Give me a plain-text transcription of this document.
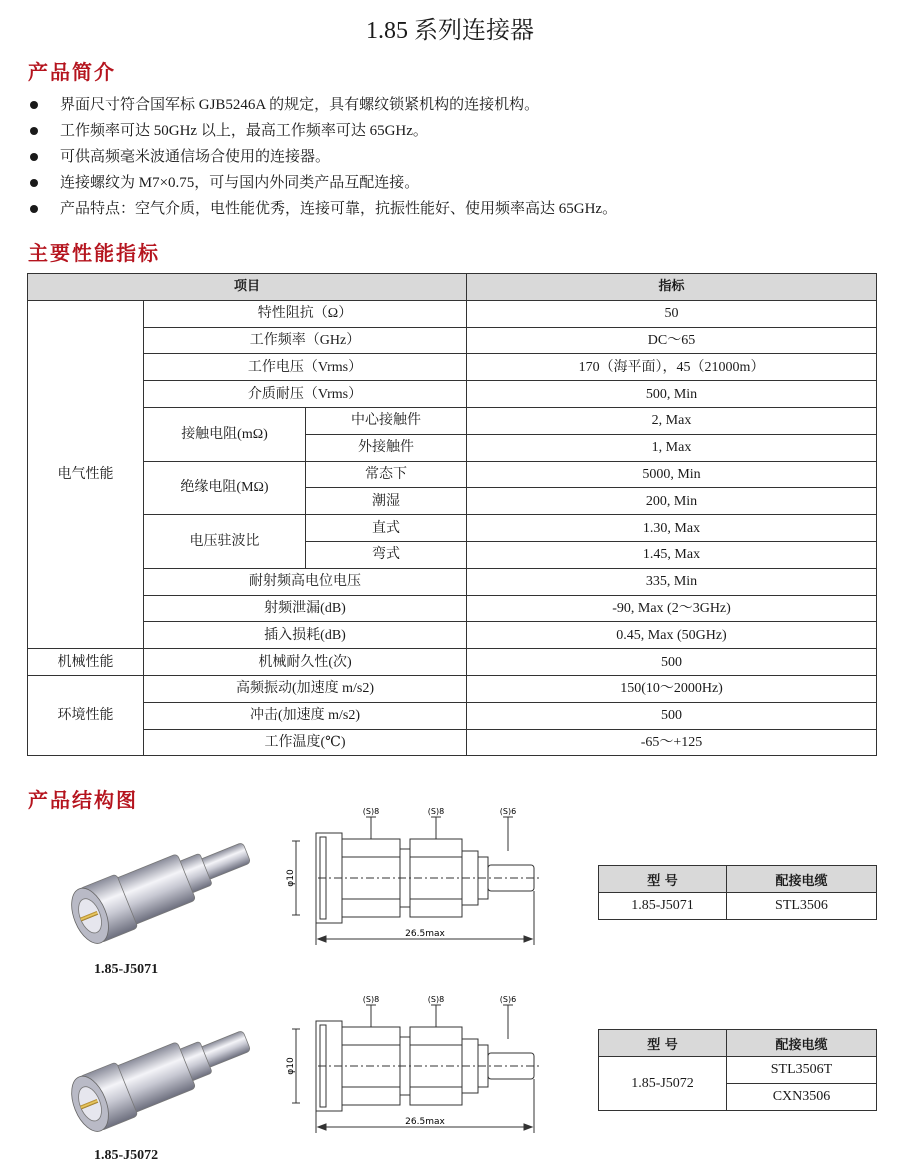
1.85 系列连接器
产品简介
界面尺寸符合国军标 GJB5246A 的规定，具有螺纹锁紧机构的连接机构。
工作频率可达 50GHz 以上，最高工作频率可达 65GHz。
可供高频毫米波通信场合使用的连接器。
连接螺纹为 M7×0.75，可与国内外同类产品互配连接。
产品特点：空气介质，电性能优秀，连接可靠，抗振性能好、使用频率高达 65GHz。
主要性能指标
项目			指标
电气性能	特性阻抗（Ω）		50
	工作频率（GHz）		DC～65
	工作电压（Vrms）		170（海平面），45（21000m）
	介质耐压（Vrms）		500, Min
	接触电阻(mΩ)	中心接触件	2, Max
		外接触件	1, Max
	绝缘电阻(MΩ)	常态下	5000, Min
		潮湿	200, Min
	电压驻波比	直式	1.30, Max
		弯式	1.45, Max
	耐射频高电位电压		335, Min
	射频泄漏(dB)		-90, Max (2～3GHz)
	插入损耗(dB)		0.45, Max (50GHz)
机械性能	机械耐久性(次)		500
环境性能	高频振动(加速度 m/s2)		150(10～2000Hz)
	冲击(加速度 m/s2)		500
	工作温度(℃)		-65～+125
产品结构图
1.85-J5071
(S)8	(S)8	(S)6
φ10
26.5max
型 号	配接电缆
1.85-J5071	STL3506
1.85-J5072
(S)8	(S)8	(S)6
φ10
26.5max
型 号	配接电缆
1.85-J5072	STL3506T
	CXN3506
